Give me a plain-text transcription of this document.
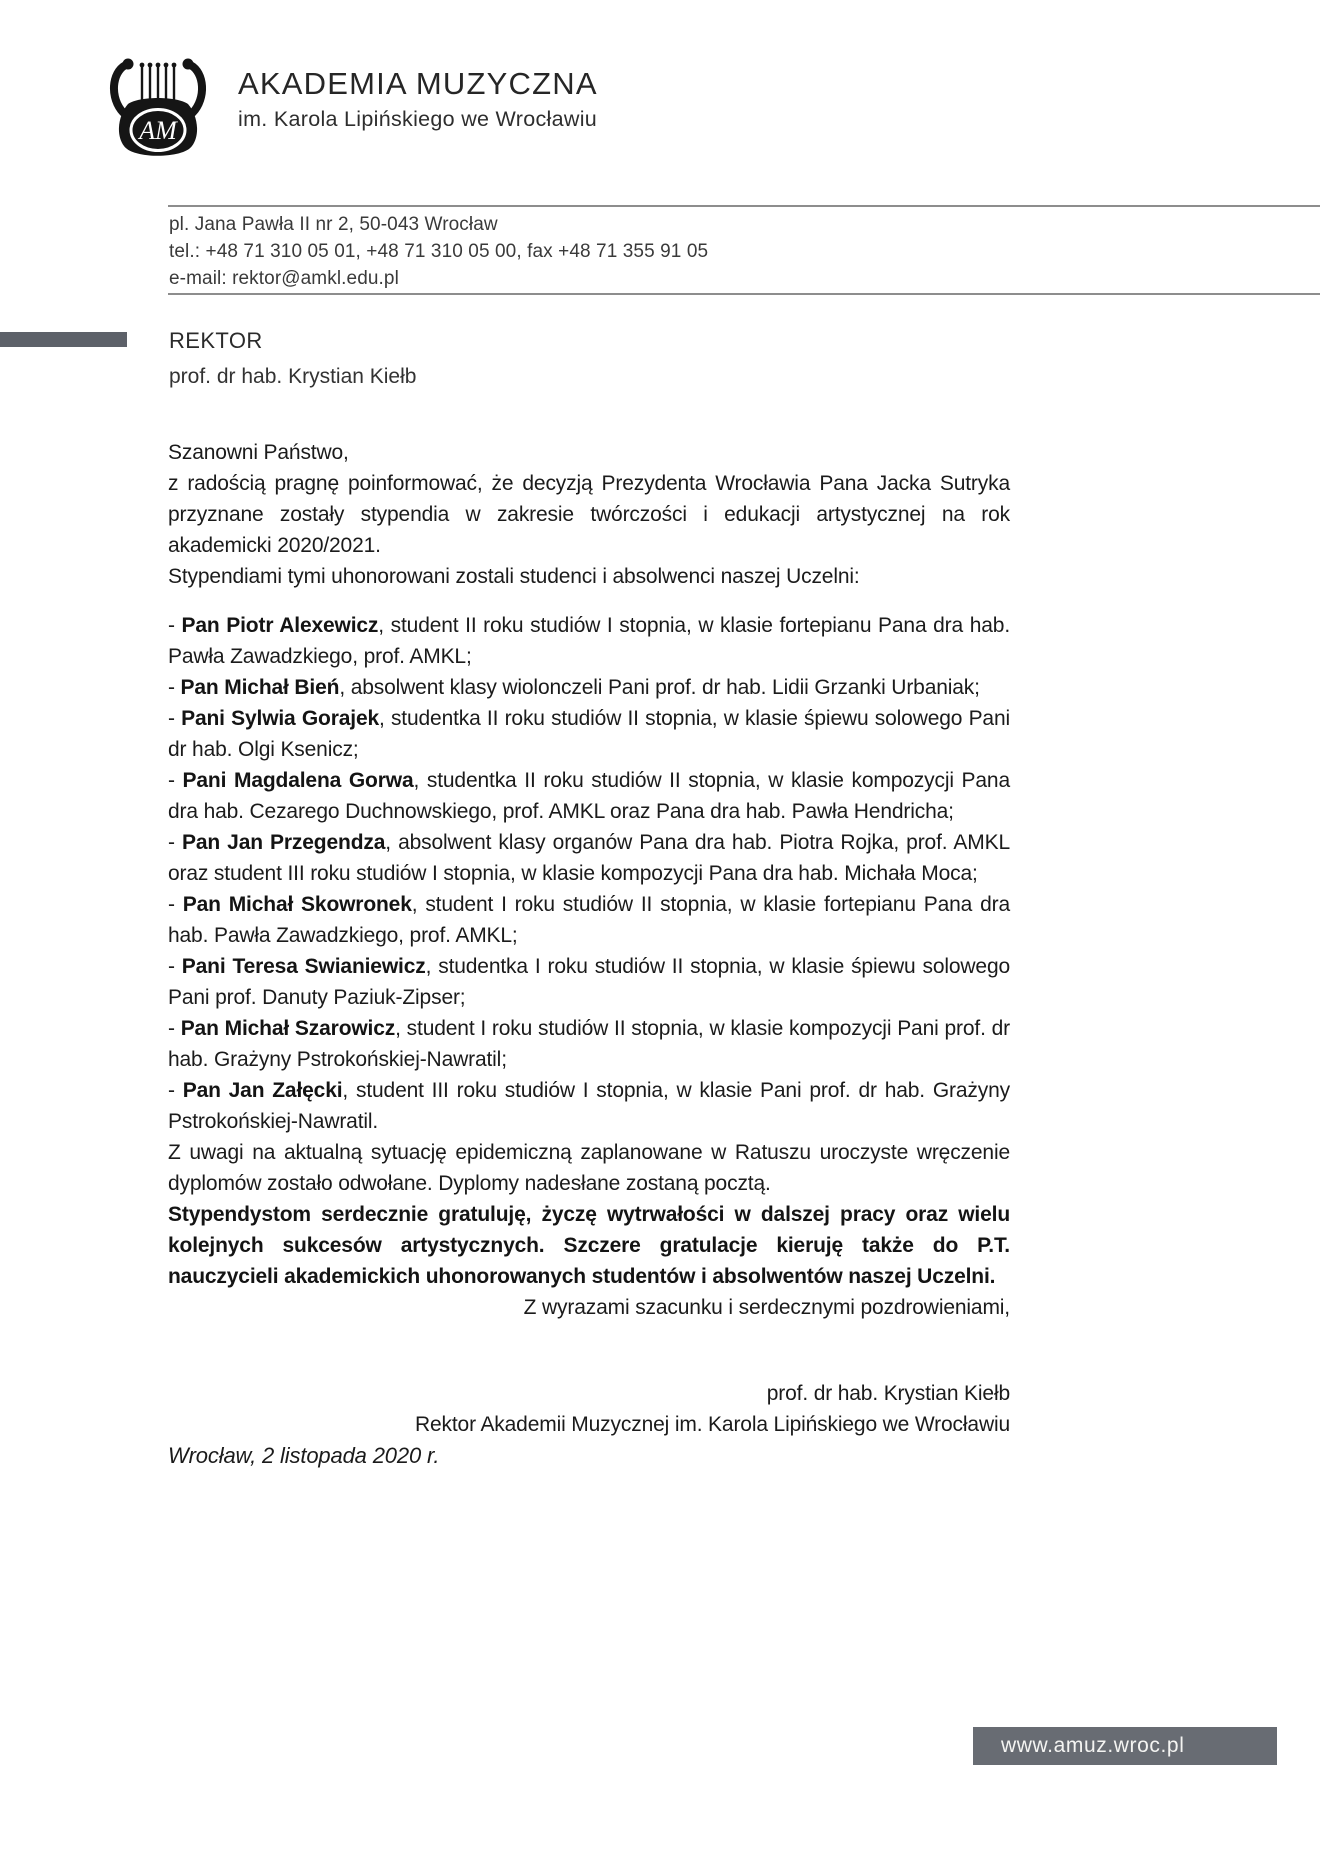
AM
AKADEMIA MUZYCZNA
im. Karola Lipińskiego we Wrocławiu
pl. Jana Pawła II nr 2, 50-043 Wrocław
tel.: +48 71 310 05 01, +48 71 310 05 00, fax +48 71 355 91 05
e-mail: rektor@amkl.edu.pl
REKTOR
prof. dr hab. Krystian Kiełb

Szanowni Państwo,

z radością pragnę poinformować, że decyzją Prezydenta Wrocławia Pana Jacka Sutryka przyznane zostały stypendia w zakresie twórczości i edukacji artystycznej na rok akademicki 2020/2021.

Stypendiami tymi uhonorowani zostali studenci i absolwenci naszej Uczelni:

- Pan Piotr Alexewicz, student II roku studiów I stopnia, w klasie fortepianu Pana dra hab. Pawła Zawadzkiego, prof. AMKL;

- Pan Michał Bień, absolwent klasy wiolonczeli Pani prof. dr hab. Lidii Grzanki Urbaniak;

- Pani Sylwia Gorajek, studentka II roku studiów II stopnia, w klasie śpiewu solowego Pani dr hab. Olgi Ksenicz;

- Pani Magdalena Gorwa, studentka II roku studiów II stopnia, w klasie kompozycji Pana dra hab. Cezarego Duchnowskiego, prof. AMKL oraz Pana dra hab. Pawła Hendricha;

- Pan Jan Przegendza, absolwent klasy organów Pana dra hab. Piotra Rojka, prof. AMKL oraz student III roku studiów I stopnia, w klasie kompozycji Pana dra hab. Michała Moca;

- Pan Michał Skowronek, student I roku studiów II stopnia, w klasie fortepianu Pana dra hab. Pawła Zawadzkiego, prof. AMKL;

- Pani Teresa Swianiewicz, studentka I roku studiów II stopnia, w klasie śpiewu solowego Pani prof. Danuty Paziuk-Zipser;

- Pan Michał Szarowicz, student I roku studiów II stopnia, w klasie kompozycji Pani prof. dr hab. Grażyny Pstrokońskiej-Nawratil;

- Pan Jan Załęcki, student III roku studiów I stopnia, w klasie Pani prof. dr hab. Grażyny Pstrokońskiej-Nawratil.

Z uwagi na aktualną sytuację epidemiczną zaplanowane w Ratuszu uroczyste wręczenie dyplomów zostało odwołane. Dyplomy nadesłane zostaną pocztą.

Stypendystom serdecznie gratuluję, życzę wytrwałości w dalszej pracy oraz wielu kolejnych sukcesów artystycznych. Szczere gratulacje kieruję także do P.T. nauczycieli akademickich uhonorowanych studentów i absolwentów naszej Uczelni.

Z wyrazami szacunku i serdecznymi pozdrowieniami,

prof. dr hab. Krystian Kiełb

Rektor Akademii Muzycznej im. Karola Lipińskiego we Wrocławiu

Wrocław, 2 listopada 2020 r.

www.amuz.wroc.pl
